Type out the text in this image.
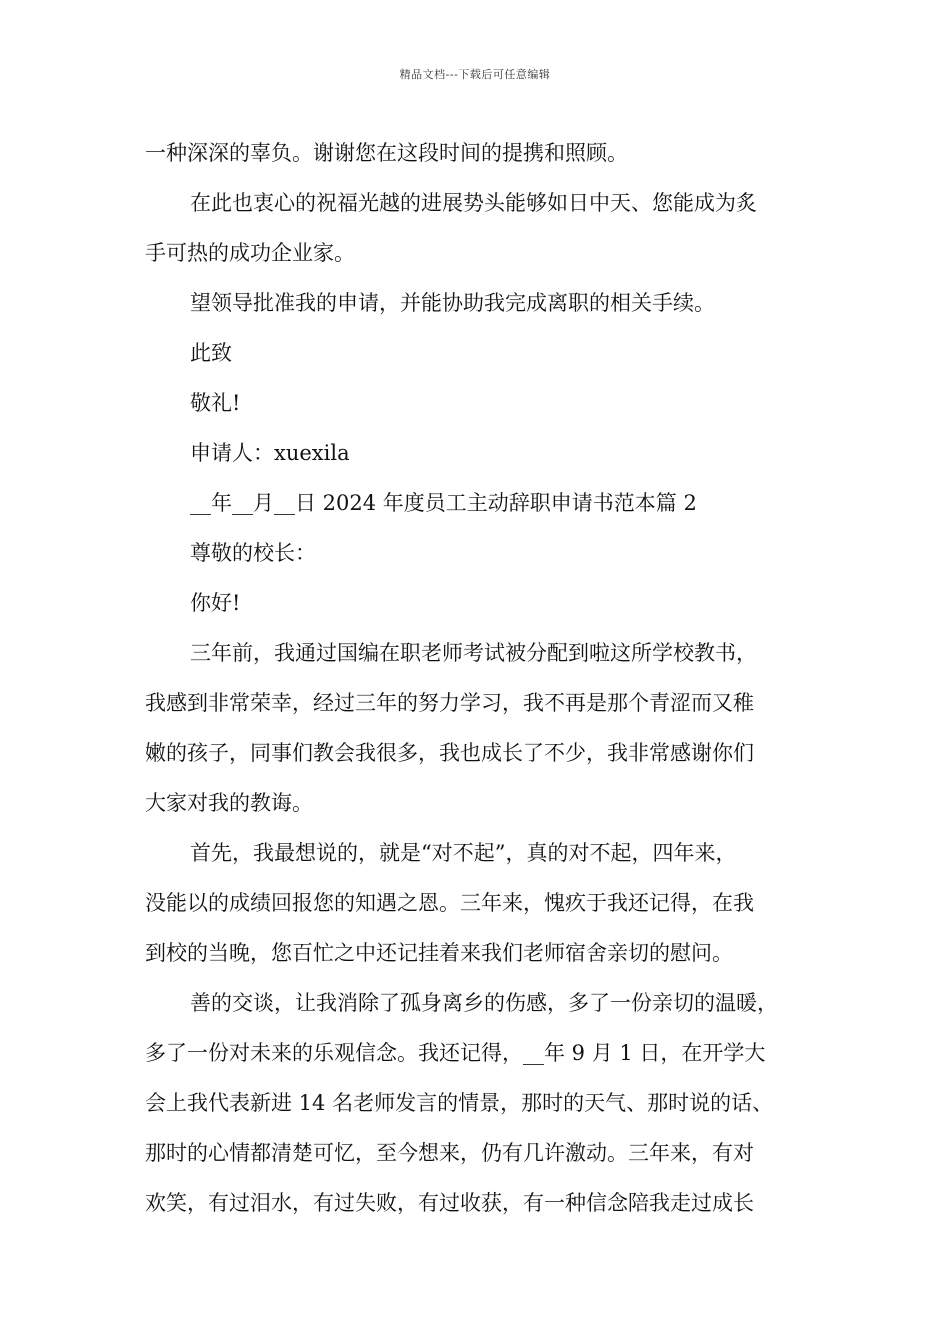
精品文档---下载后可任意编辑
一种深深的辜负。谢谢您在这段时间的提携和照顾。
在此也衷心的祝福光越的进展势头能够如日中天、您能成为炙
手可热的成功企业家。
望领导批准我的申请，并能协助我完成离职的相关手续。
此致
敬礼!
申请人：xuexila
__年__月__日 2024 年度员工主动辞职申请书范本篇 2
尊敬的校长：
你好!
三年前，我通过国编在职老师考试被分配到啦这所学校教书，
我感到非常荣幸，经过三年的努力学习，我不再是那个青涩而又稚
嫩的孩子，同事们教会我很多，我也成长了不少，我非常感谢你们
大家对我的教诲。
首先，我最想说的，就是“对不起”，真的对不起，四年来，
没能以的成绩回报您的知遇之恩。三年来，愧疚于我还记得，在我
到校的当晚，您百忙之中还记挂着来我们老师宿舍亲切的慰问。
善的交谈，让我消除了孤身离乡的伤感，多了一份亲切的温暖，
多了一份对未来的乐观信念。我还记得，__年 9 月 1 日，在开学大
会上我代表新进 14 名老师发言的情景，那时的天气、那时说的话、
那时的心情都清楚可忆，至今想来，仍有几许激动。三年来，有对
欢笑，有过泪水，有过失败，有过收获，有一种信念陪我走过成长
